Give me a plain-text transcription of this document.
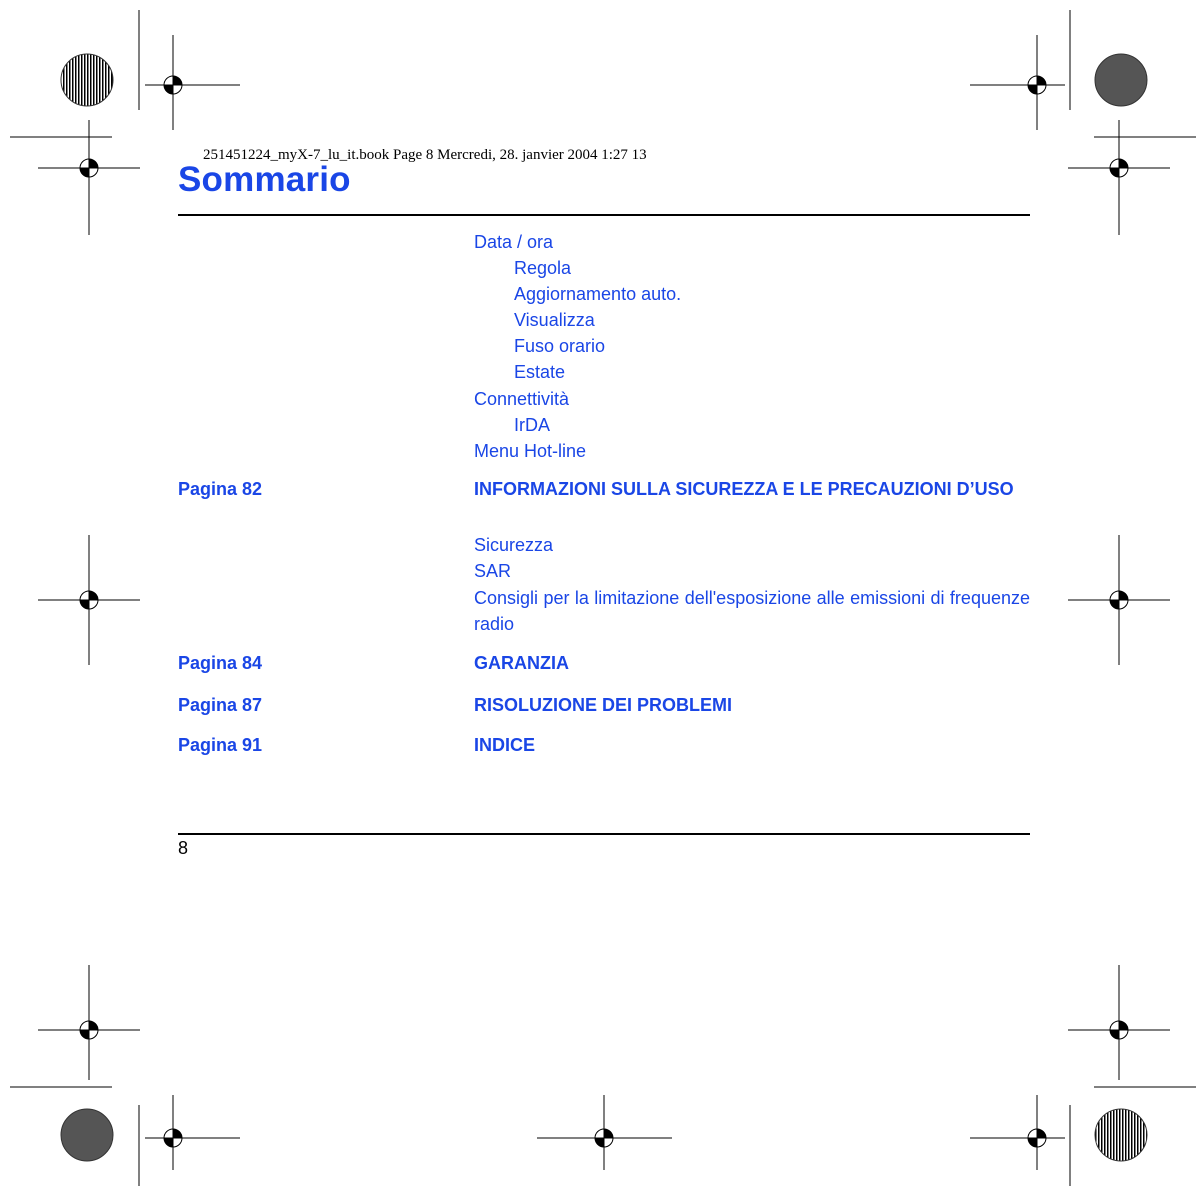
251451224_myX-7_lu_it.book Page 8 Mercredi, 28. janvier 2004 1:27 13
Sommario
Data / ora
Regola
Aggiornamento auto.
Visualizza
Fuso orario
Estate
Connettività
IrDA
Menu Hot-line
Pagina 82	INFORMAZIONI SULLA SICUREZZA E LE PRECAUZIONI D’USO
Sicurezza
SAR
Consigli per la limitazione dell'esposizione alle emissioni di frequenze radio
Pagina 84	GARANZIA
Pagina 87	RISOLUZIONE DEI PROBLEMI
Pagina 91	INDICE
8
